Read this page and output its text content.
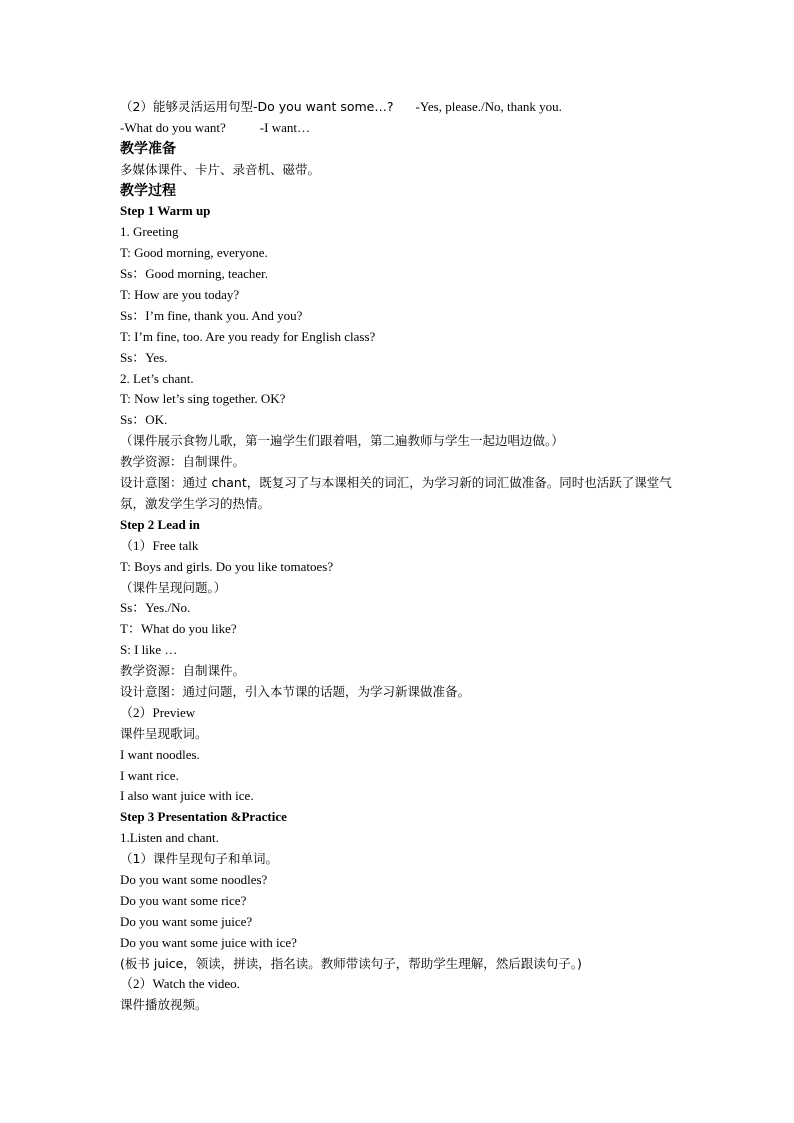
（2）能够灵活运用句型-Do you want some…? -Yes, please./No, thank you.
-What do you want?	-I want…
教学准备
多媒体课件、卡片、录音机、磁带。
教学过程
Step 1 Warm up
1. Greeting
T: Good morning, everyone.
Ss：Good morning, teacher.
T: How are you today?
Ss：I’m fine, thank you. And you?
T: I’m fine, too. Are you ready for English class?
Ss：Yes.
2. Let’s chant.
T: Now let’s sing together. OK?
Ss：OK.
（课件展示食物儿歌，第一遍学生们跟着唱，第二遍教师与学生一起边唱边做。）
教学资源：自制课件。
设计意图：通过 chant，既复习了与本课相关的词汇，为学习新的词汇做准备。同时也活跃了课堂气氛，激发学生学习的热情。
Step 2 Lead in
（1）Free talk
T: Boys and girls. Do you like tomatoes?
（课件呈现问题。）
Ss：Yes./No.
T：What do you like?
S: I like …
教学资源：自制课件。
设计意图：通过问题，引入本节课的话题，为学习新课做准备。
（2）Preview
课件呈现歌词。
I want noodles.
I want rice.
I also want juice with ice.
Step 3 Presentation &Practice
1.Listen and chant.
（1）课件呈现句子和单词。
Do you want some noodles?
Do you want some rice?
Do you want some juice?
Do you want some juice with ice?
(板书 juice，领读，拼读，指名读。教师带读句子，帮助学生理解，然后跟读句子。)
（2）Watch the video.
课件播放视频。
